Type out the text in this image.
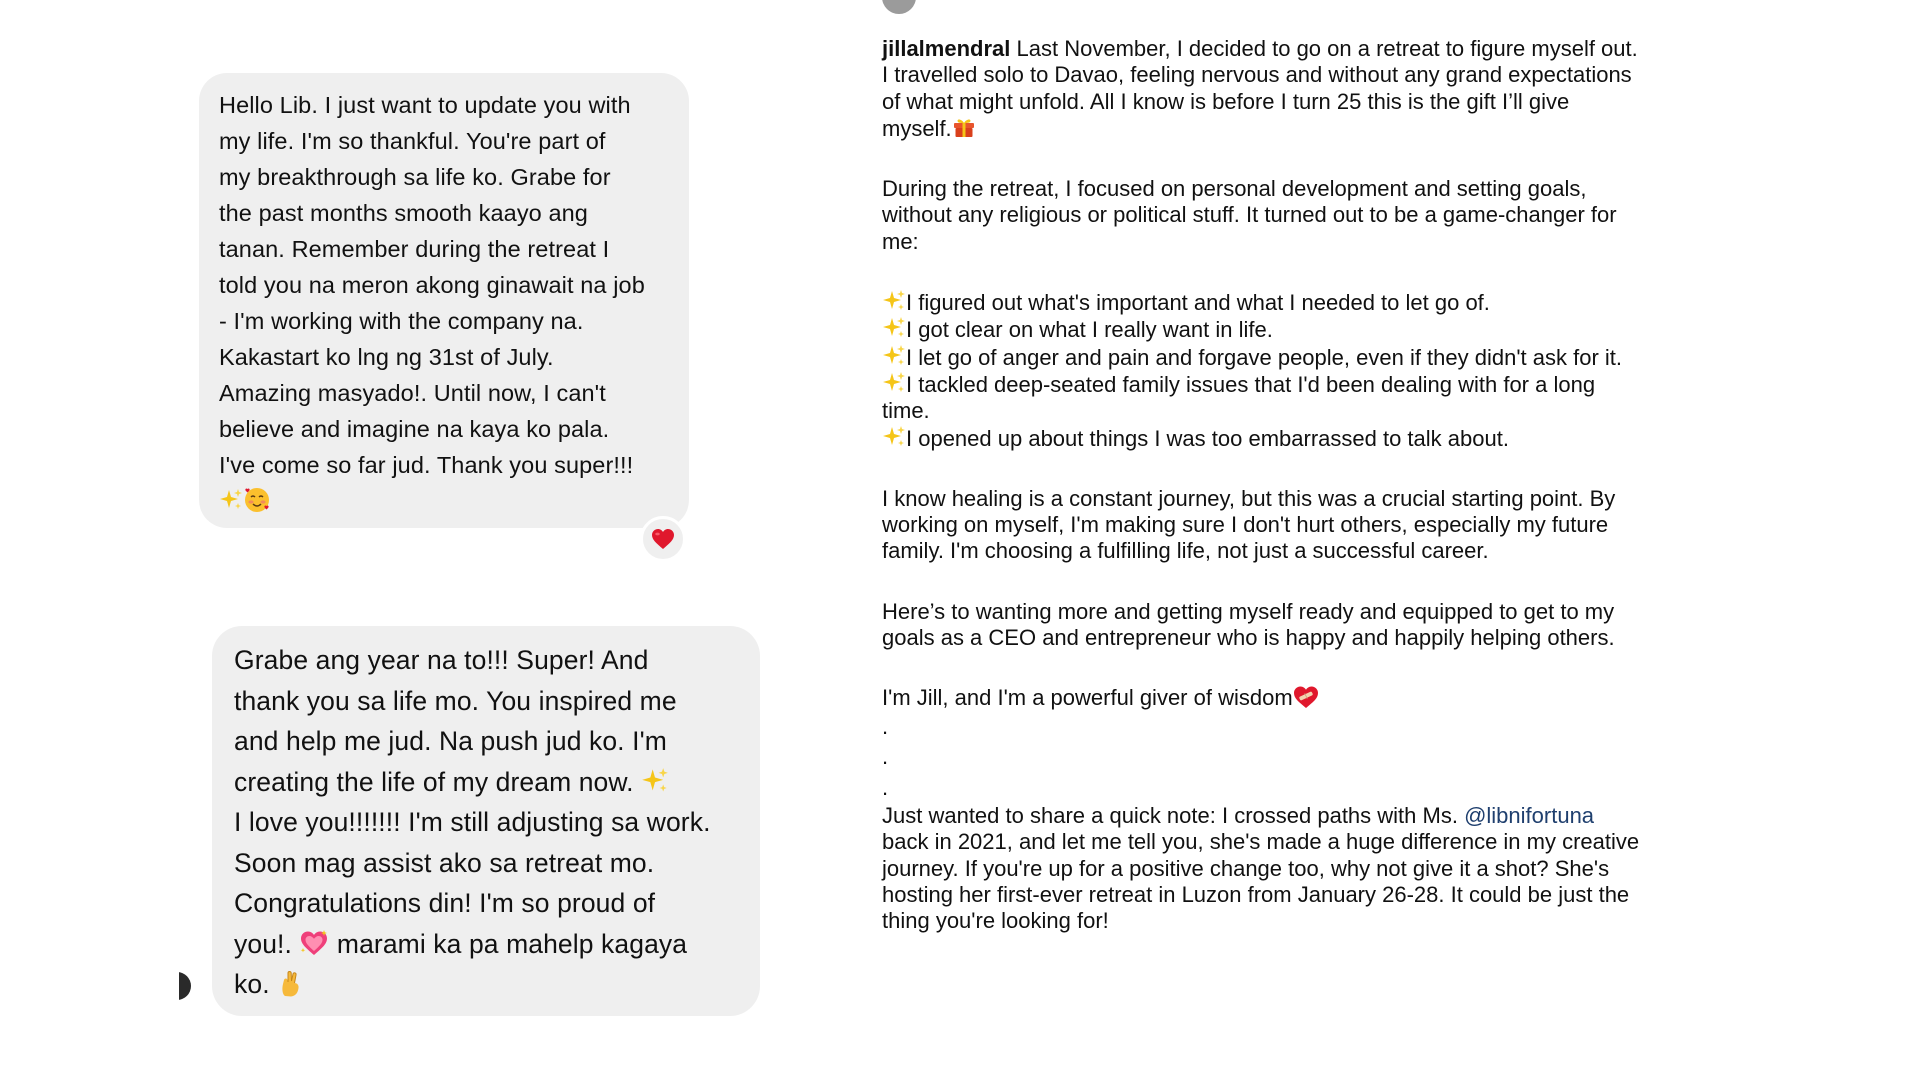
Hello Lib. I just want to update you with
my life. I'm so thankful. You're part of
my breakthrough sa life ko. Grabe for
the past months smooth kaayo ang
tanan. Remember during the retreat I
told you na meron akong ginawait na job
- I'm working with the company na.
Kakastart ko lng ng 31st of July.
Amazing masyado!. Until now, I can't
believe and imagine na kaya ko pala.
I've come so far jud. Thank you super!!!

Grabe ang year na to!!! Super! And
thank you sa life mo. You inspired me
and help me jud. Na push jud ko. I'm
creating the life of my dream now.
I love you!!!!!!! I'm still adjusting sa work.
Soon mag assist ako sa retreat mo.
Congratulations din! I'm so proud of
you!. marami ka pa mahelp kagaya
ko.

jillalmendral Last November, I decided to go on a retreat to figure myself out. I travelled solo to Davao, feeling nervous and without any grand expectations of what might unfold. All I know is before I turn 25 this is the gift I’ll give myself.

During the retreat, I focused on personal development and setting goals, without any religious or political stuff. It turned out to be a game-changer for me:

I figured out what's important and what I needed to let go of.

I got clear on what I really want in life.

I let go of anger and pain and forgave people, even if they didn't ask for it.

I tackled deep-seated family issues that I'd been dealing with for a long time.

I opened up about things I was too embarrassed to talk about.

I know healing is a constant journey, but this was a crucial starting point. By working on myself, I'm making sure I don't hurt others, especially my future family. I'm choosing a fulfilling life, not just a successful career.

Here’s to wanting more and getting myself ready and equipped to get to my goals as a CEO and entrepreneur who is happy and happily helping others.

I'm Jill, and I'm a powerful giver of wisdom

.

.

.

Just wanted to share a quick note: I crossed paths with Ms. @libnifortuna back in 2021, and let me tell you, she's made a huge difference in my creative journey. If you're up for a positive change too, why not give it a shot? She's hosting her first-ever retreat in Luzon from January 26-28. It could be just the thing you're looking for!
